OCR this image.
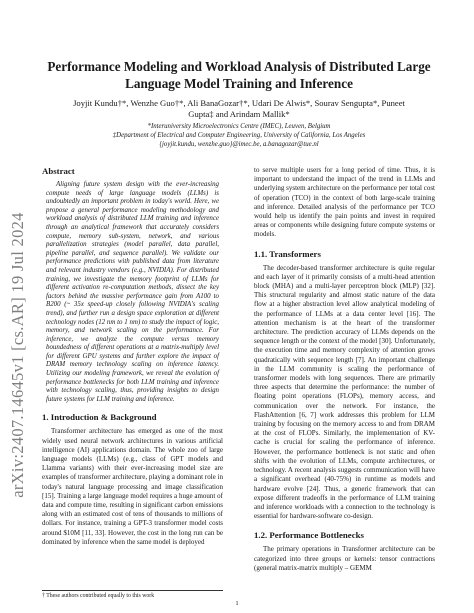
Performance Modeling and Workload Analysis of Distributed Large Language Model Training and Inference
Joyjit Kundu†*, Wenzhe Guo†*, Ali BanaGozar†*, Udari De Alwis*, Sourav Sengupta*, Puneet Gupta‡ and Arindam Mallik*
*Interuniversity Microelectronics Centre (IMEC), Leuven, Belgium
‡Department of Electrical and Computer Engineering, University of California, Los Angeles
{joyjit.kundu, wenzhe.guo}@imec.be, a.banagozar@tue.nl
arXiv:2407.14645v1 [cs.AR] 19 Jul 2024
Abstract
Aligning future system design with the ever-increasing compute needs of large language models (LLMs) is undoubtedly an important problem in today's world. Here, we propose a general performance modeling methodology and workload analysis of distributed LLM training and inference through an analytical framework that accurately considers compute, memory sub-system, network, and various parallelization strategies (model parallel, data parallel, pipeline parallel, and sequence parallel). We validate our performance predictions with published data from literature and relevant industry vendors (e.g., NVIDIA). For distributed training, we investigate the memory footprint of LLMs for different activation re-computation methods, dissect the key factors behind the massive performance gain from A100 to B200 (~ 35x speed-up closely following NVIDIA's scaling trend), and further run a design space exploration at different technology nodes (12 nm to 1 nm) to study the impact of logic, memory, and network scaling on the performance. For inference, we analyze the compute versus memory boundedness of different operations at a matrix-multiply level for different GPU systems and further explore the impact of DRAM memory technology scaling on inference latency. Utilizing our modeling framework, we reveal the evolution of performance bottlenecks for both LLM training and inference with technology scaling, thus, providing insights to design future systems for LLM training and inference.
1. Introduction & Background

Transformer architecture has emerged as one of the most widely used neural network architectures in various artificial intelligence (AI) applications domain. The whole zoo of large language models (LLMs) (e.g., class of GPT models and Llamma variants) with their ever-increasing model size are examples of transformer architecture, playing a dominant role in today's natural language processing and image classification [15]. Training a large language model requires a huge amount of data and compute time, resulting in significant carbon emissions along with an estimated cost of tens of thousands to millions of dollars. For instance, training a GPT-3 transformer model costs around $10M [11, 33]. However, the cost in the long run can be dominated by inference when the same model is deployed

to serve multiple users for a long period of time. Thus, it is important to understand the impact of the trend in LLMs and underlying system architecture on the performance per total cost of operation (TCO) in the context of both large-scale training and inference. Detailed analysis of the performance per TCO would help us identify the pain points and invest in required areas or components while designing future compute systems or models.

1.1. Transformers

The decoder-based transformer architecture is quite regular and each layer of it primarily consists of a multi-head attention block (MHA) and a multi-layer perceptron block (MLP) [32]. This structural regularity and almost static nature of the data flow at a higher abstraction level allow analytical modeling of the performance of LLMs at a data center level [16]. The attention mechanism is at the heart of the transformer architecture. The prediction accuracy of LLMs depends on the sequence length or the context of the model [30]. Unfortunately, the execution time and memory complexity of attention grows quadratically with sequence length [7]. An important challenge in the LLM community is scaling the performance of transformer models with long sequences. There are primarily three aspects that determine the performance: the number of floating point operations (FLOPs), memory access, and communication over the network. For instance, the FlashAttention [6, 7] work addresses this problem for LLM training by focusing on the memory access to and from DRAM at the cost of FLOPs. Similarly, the implementation of KV-cache is crucial for scaling the performance of inference. However, the performance bottleneck is not static and often shifts with the evolution of LLMs, compute architectures, or technology. A recent analysis suggests communication will have a significant overhead (40-75%) in runtime as models and hardware evolve [24]. Thus, a generic framework that can expose different tradeoffs in the performance of LLM training and inference workloads with a connection to the technology is essential for hardware-software co-design.

1.2. Performance Bottlenecks

The primary operations in Transformer architecture can be categorized into three groups or kernels: tensor contractions (general matrix-matrix multiply – GEMM

† These authors contributed equally to this work
1
